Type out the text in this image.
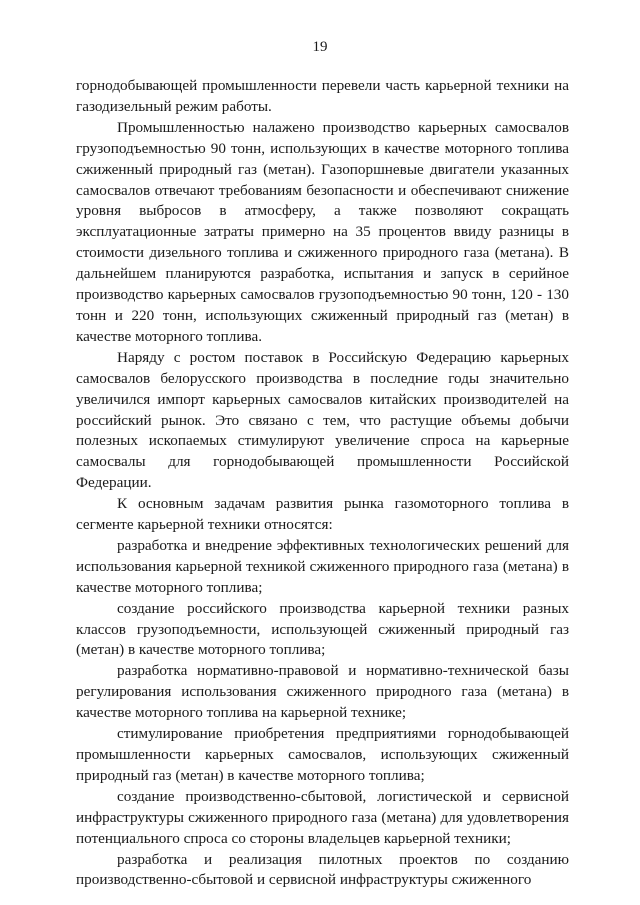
19

горнодобывающей промышленности перевели часть карьерной техники на газодизельный режим работы.

Промышленностью налажено производство карьерных самосвалов грузоподъемностью 90 тонн, использующих в качестве моторного топлива сжиженный природный газ (метан). Газопоршневые двигатели указанных самосвалов отвечают требованиям безопасности и обеспечивают снижение уровня выбросов в атмосферу, а также позволяют сокращать эксплуатационные затраты примерно на 35 процентов ввиду разницы в стоимости дизельного топлива и сжиженного природного газа (метана). В дальнейшем планируются разработка, испытания и запуск в серийное производство карьерных самосвалов грузоподъемностью 90 тонн, 120 - 130 тонн и 220 тонн, использующих сжиженный природный газ (метан) в качестве моторного топлива.

Наряду с ростом поставок в Российскую Федерацию карьерных самосвалов белорусского производства в последние годы значительно увеличился импорт карьерных самосвалов китайских производителей на российский рынок. Это связано с тем, что растущие объемы добычи полезных ископаемых стимулируют увеличение спроса на карьерные самосвалы для горнодобывающей промышленности Российской Федерации.

К основным задачам развития рынка газомоторного топлива в сегменте карьерной техники относятся:

разработка и внедрение эффективных технологических решений для использования карьерной техникой сжиженного природного газа (метана) в качестве моторного топлива;

создание российского производства карьерной техники разных классов грузоподъемности, использующей сжиженный природный газ (метан) в качестве моторного топлива;

разработка нормативно-правовой и нормативно-технической базы регулирования использования сжиженного природного газа (метана) в качестве моторного топлива на карьерной технике;

стимулирование приобретения предприятиями горнодобывающей промышленности карьерных самосвалов, использующих сжиженный природный газ (метан) в качестве моторного топлива;

создание производственно-сбытовой, логистической и сервисной инфраструктуры сжиженного природного газа (метана) для удовлетворения потенциального спроса со стороны владельцев карьерной техники;

разработка и реализация пилотных проектов по созданию производственно-сбытовой и сервисной инфраструктуры сжиженного
